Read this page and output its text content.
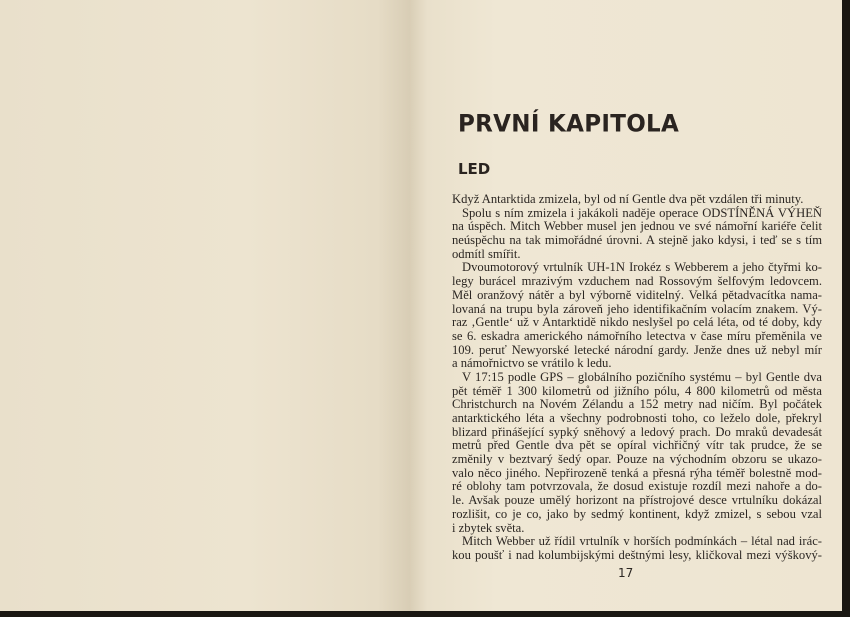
PRVNÍ KAPITOLA
LED
Když Antarktida zmizela, byl od ní Gentle dva pět vzdálen tři minuty.
Spolu s ním zmizela i jakákoli naděje operace ODSTÍNĚNÁ VÝHEŇ
na úspěch. Mitch Webber musel jen jednou ve své námořní kariéře čelit
neúspěchu na tak mimořádné úrovni. A stejně jako kdysi, i teď se s tím
odmítl smířit.
Dvoumotorový vrtulník UH-1N Irokéz s Webberem a jeho čtyřmi ko-
legy burácel mrazivým vzduchem nad Rossovým šelfovým ledovcem.
Měl oranžový nátěr a byl výborně viditelný. Velká pětadvacítka nama-
lovaná na trupu byla zároveň jeho identifikačním volacím znakem. Vý-
raz ‚Gentle‘ už v Antarktidě nikdo neslyšel po celá léta, od té doby, kdy
se 6. eskadra amerického námořního letectva v čase míru přeměnila ve
109. peruť Newyorské letecké národní gardy. Jenže dnes už nebyl mír
a námořnictvo se vrátilo k ledu.
V 17:15 podle GPS – globálního pozičního systému – byl Gentle dva
pět téměř 1 300 kilometrů od jižního pólu, 4 800 kilometrů od města
Christchurch na Novém Zélandu a 152 metry nad ničím. Byl počátek
antarktického léta a všechny podrobnosti toho, co leželo dole, překryl
blizard přinášející sypký sněhový a ledový prach. Do mraků devadesát
metrů před Gentle dva pět se opíral vichřičný vítr tak prudce, že se
změnily v beztvarý šedý opar. Pouze na východním obzoru se ukazo-
valo něco jiného. Nepřirozeně tenká a přesná rýha téměř bolestně mod-
ré oblohy tam potvrzovala, že dosud existuje rozdíl mezi nahoře a do-
le. Avšak pouze umělý horizont na přístrojové desce vrtulníku dokázal
rozlišit, co je co, jako by sedmý kontinent, když zmizel, s sebou vzal
i zbytek světa.
Mitch Webber už řídil vrtulník v horších podmínkách – létal nad irác-
kou poušť i nad kolumbijskými deštnými lesy, kličkoval mezi výškový-
17
